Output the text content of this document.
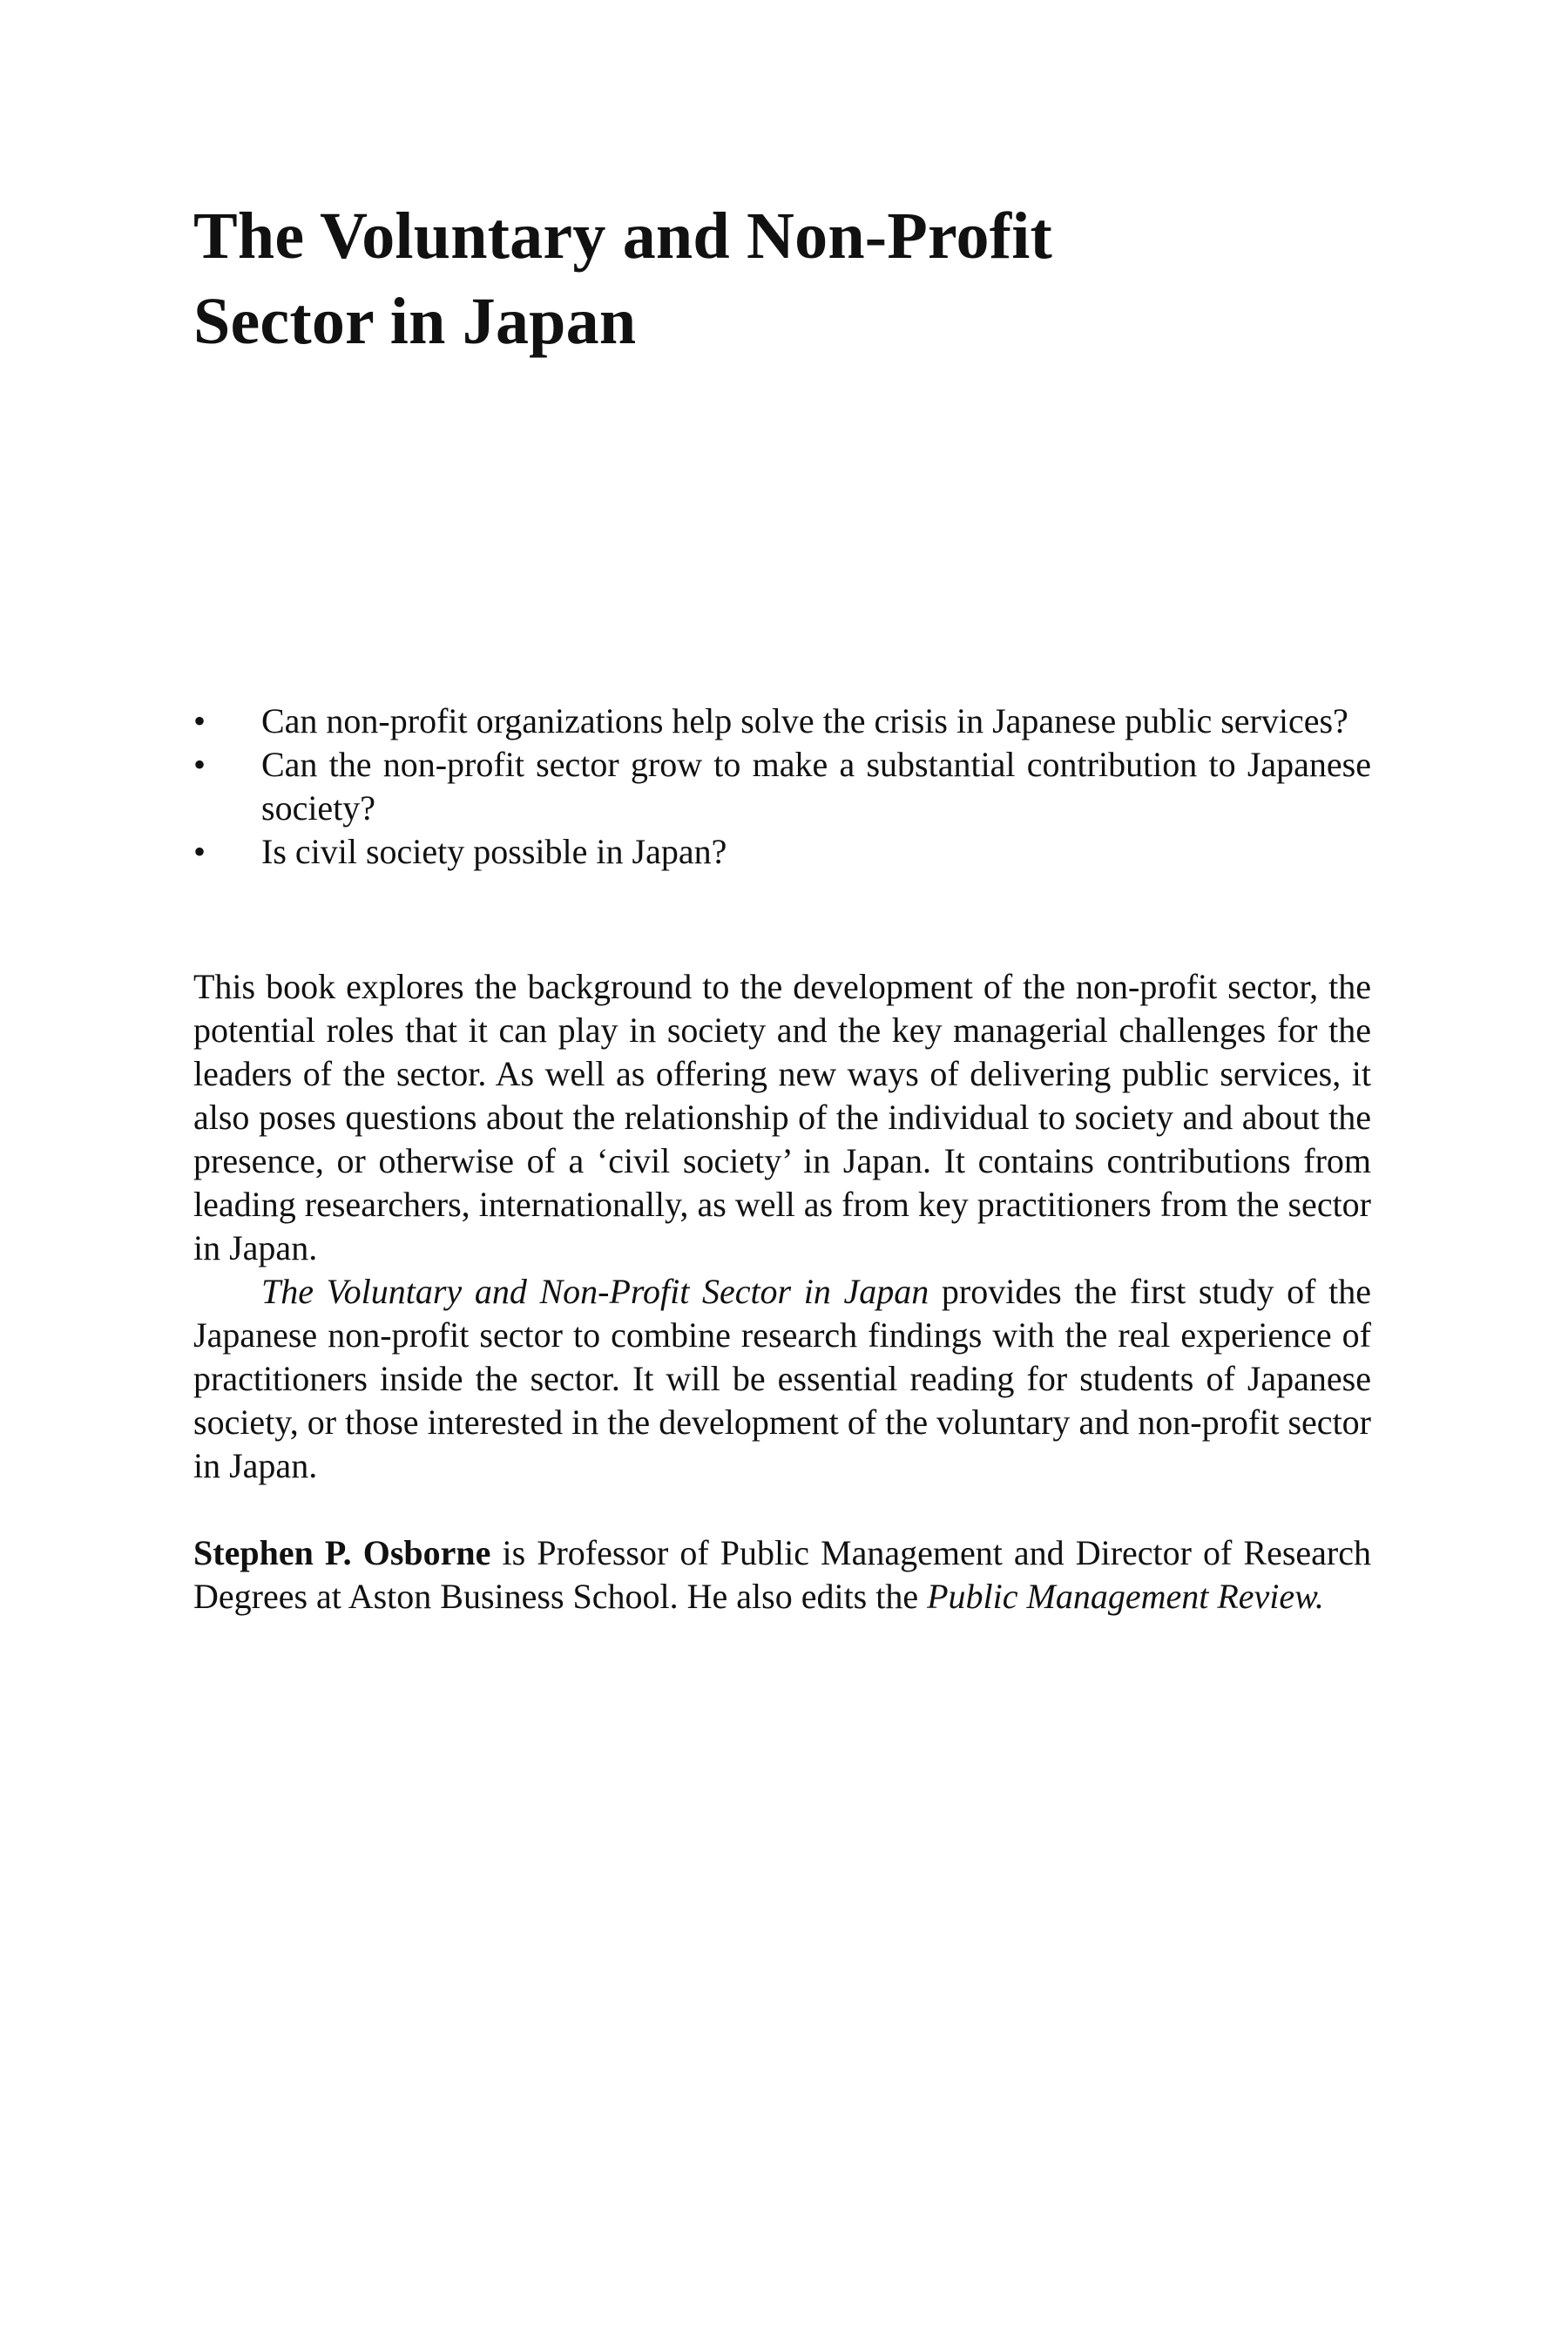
The Voluntary and Non-Profit
Sector in Japan
•	Can non-profit organizations help solve the crisis in Japanese public services?
•	Can the non-profit sector grow to make a substantial contribution to Japanese society?
•	Is civil society possible in Japan?

This book explores the background to the development of the non-profit sector, the potential roles that it can play in society and the key managerial challenges for the leaders of the sector. As well as offering new ways of delivering public services, it also poses questions about the relationship of the individual to society and about the presence, or otherwise of a ‘civil society’ in Japan. It contains contributions from leading researchers, internationally, as well as from key practitioners from the sector in Japan.

The Voluntary and Non-Profit Sector in Japan provides the first study of the Japanese non-profit sector to combine research findings with the real experience of practitioners inside the sector. It will be essential reading for students of Japanese society, or those interested in the development of the voluntary and non-profit sector in Japan.

Stephen P. Osborne is Professor of Public Management and Director of Research Degrees at Aston Business School. He also edits the Public Management Review.
